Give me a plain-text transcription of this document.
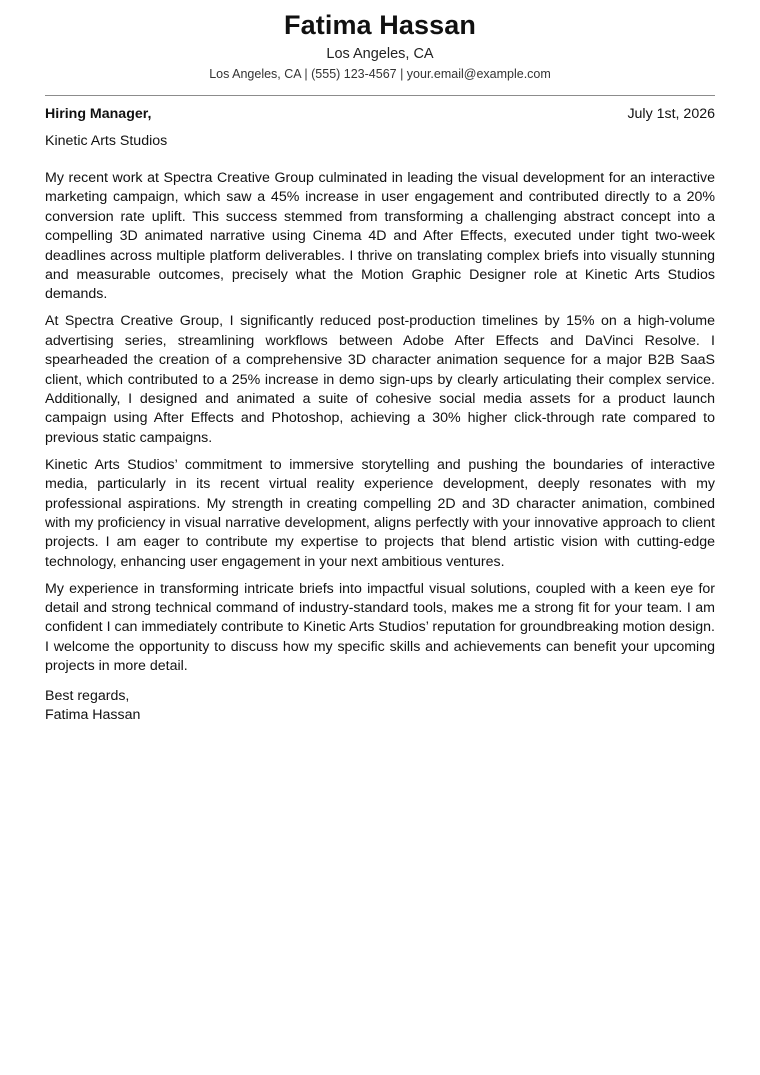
Fatima Hassan
Los Angeles, CA
Los Angeles, CA | (555) 123-4567 | your.email@example.com
Hiring Manager,	July 1st, 2026
Kinetic Arts Studios

My recent work at Spectra Creative Group culminated in leading the visual development for an interactive marketing campaign, which saw a 45% increase in user engagement and contributed directly to a 20% conversion rate uplift. This success stemmed from transforming a challenging abstract concept into a compelling 3D animated narrative using Cinema 4D and After Effects, executed under tight two-week deadlines across multiple platform deliverables. I thrive on translating complex briefs into visually stunning and measurable outcomes, precisely what the Motion Graphic Designer role at Kinetic Arts Studios demands.

At Spectra Creative Group, I significantly reduced post-production timelines by 15% on a high-volume advertising series, streamlining workflows between Adobe After Effects and DaVinci Resolve. I spearheaded the creation of a comprehensive 3D character animation sequence for a major B2B SaaS client, which contributed to a 25% increase in demo sign-ups by clearly articulating their complex service. Additionally, I designed and animated a suite of cohesive social media assets for a product launch campaign using After Effects and Photoshop, achieving a 30% higher click-through rate compared to previous static campaigns.

Kinetic Arts Studios’ commitment to immersive storytelling and pushing the boundaries of interactive media, particularly in its recent virtual reality experience development, deeply resonates with my professional aspirations. My strength in creating compelling 2D and 3D character animation, combined with my proficiency in visual narrative development, aligns perfectly with your innovative approach to client projects. I am eager to contribute my expertise to projects that blend artistic vision with cutting-edge technology, enhancing user engagement in your next ambitious ventures.

My experience in transforming intricate briefs into impactful visual solutions, coupled with a keen eye for detail and strong technical command of industry-standard tools, makes me a strong fit for your team. I am confident I can immediately contribute to Kinetic Arts Studios’ reputation for groundbreaking motion design. I welcome the opportunity to discuss how my specific skills and achievements can benefit your upcoming projects in more detail.

Best regards,
Fatima Hassan
